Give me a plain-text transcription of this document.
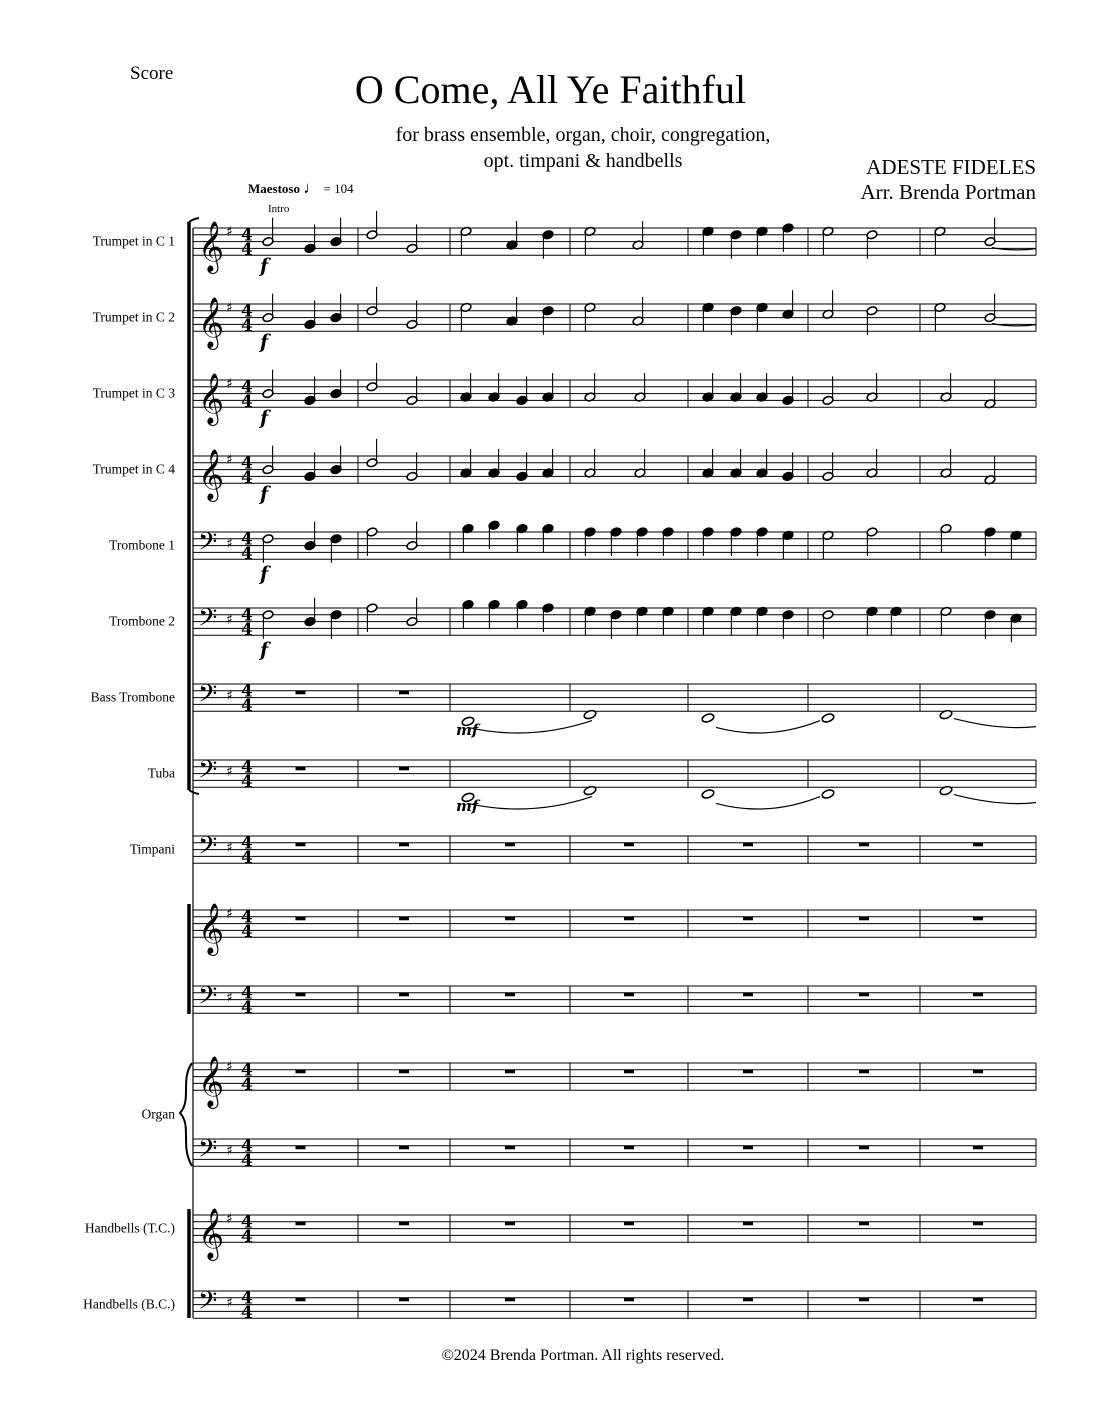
Score	O Come, All Ye Faithful
for brass ensemble, organ, choir, congregation,
opt. timpani & handbells	ADESTE FIDELES
Arr. Brenda Portman
Maestoso ♩ = 104
Intro
𝄞 ♯ 4
4
Trumpet in C 1
𝄞 ♯ 4
4
Trumpet in C 2
𝄞 ♯ 4
4
Trumpet in C 3
𝄞 ♯ 4
4
Trumpet in C 4
𝄢 ♯ 4
4
Trombone 1
𝄢 ♯ 4
4
Trombone 2
𝄢 ♯ 4
4
Bass Trombone
𝄢 ♯ 4
4
Tuba
𝄢 ♯ 4
4
Timpani
𝄞 ♯ 4
4
𝄢 ♯ 4
4
𝄞 ♯ 4
4
Organ
𝄢 ♯ 4
4
𝄞 ♯ 4
4
Handbells (T.C.)
𝄢 ♯ 4
4
Handbells (B.C.)
f
f
f
f
f
f
mf
mf
©2024 Brenda Portman. All rights reserved.
